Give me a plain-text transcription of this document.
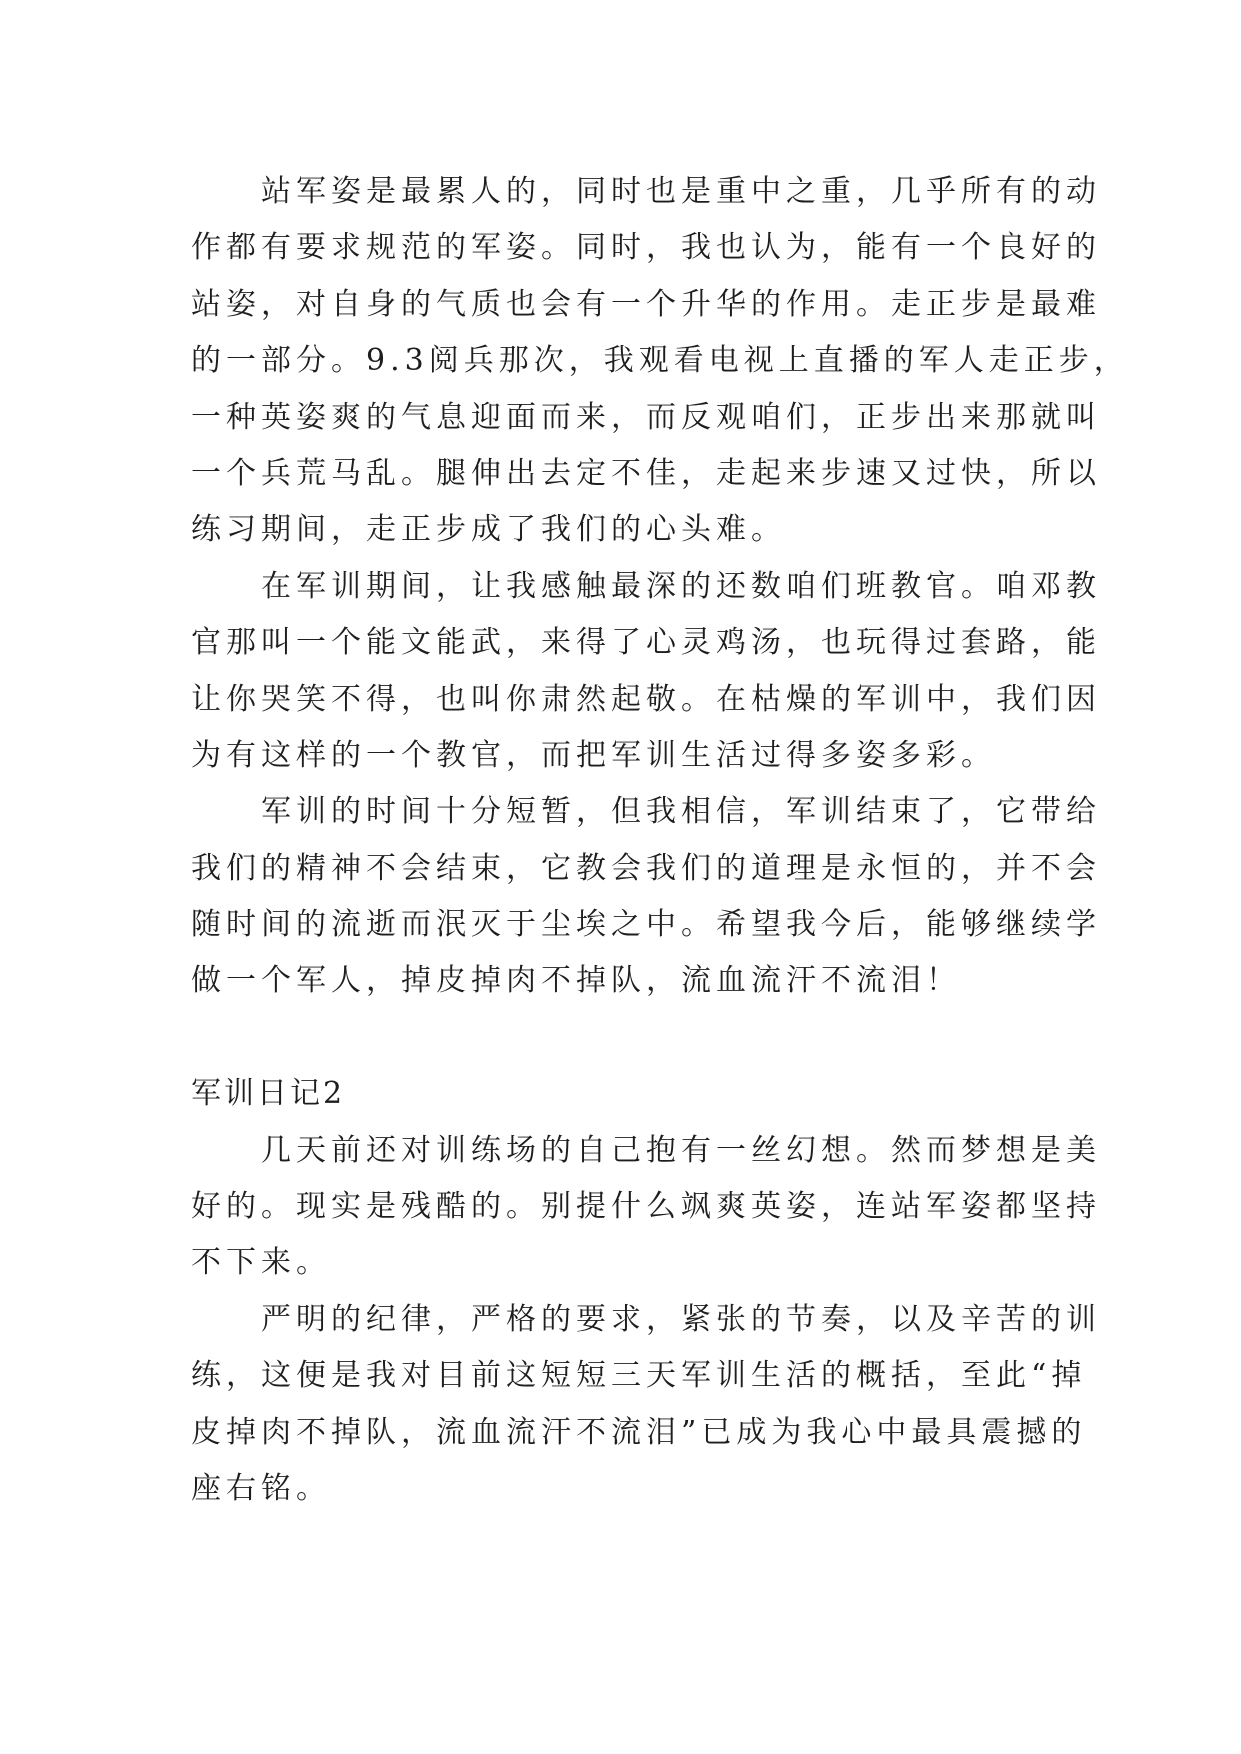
站军姿是最累人的，同时也是重中之重，几乎所有的动
作都有要求规范的军姿。同时，我也认为，能有一个良好的
站姿，对自身的气质也会有一个升华的作用。走正步是最难
的一部分。9.3阅兵那次，我观看电视上直播的军人走正步，
一种英姿爽的气息迎面而来，而反观咱们，正步出来那就叫
一个兵荒马乱。腿伸出去定不佳，走起来步速又过快，所以
练习期间，走正步成了我们的心头难。
在军训期间，让我感触最深的还数咱们班教官。咱邓教
官那叫一个能文能武，来得了心灵鸡汤，也玩得过套路，能
让你哭笑不得，也叫你肃然起敬。在枯燥的军训中，我们因
为有这样的一个教官，而把军训生活过得多姿多彩。
军训的时间十分短暂，但我相信，军训结束了，它带给
我们的精神不会结束，它教会我们的道理是永恒的，并不会
随时间的流逝而泯灭于尘埃之中。希望我今后，能够继续学
做一个军人，掉皮掉肉不掉队，流血流汗不流泪！
军训日记2
几天前还对训练场的自己抱有一丝幻想。然而梦想是美
好的。现实是残酷的。别提什么飒爽英姿，连站军姿都坚持
不下来。
严明的纪律，严格的要求，紧张的节奏，以及辛苦的训
练，这便是我对目前这短短三天军训生活的概括，至此“掉
皮掉肉不掉队，流血流汗不流泪”已成为我心中最具震撼的
座右铭。
